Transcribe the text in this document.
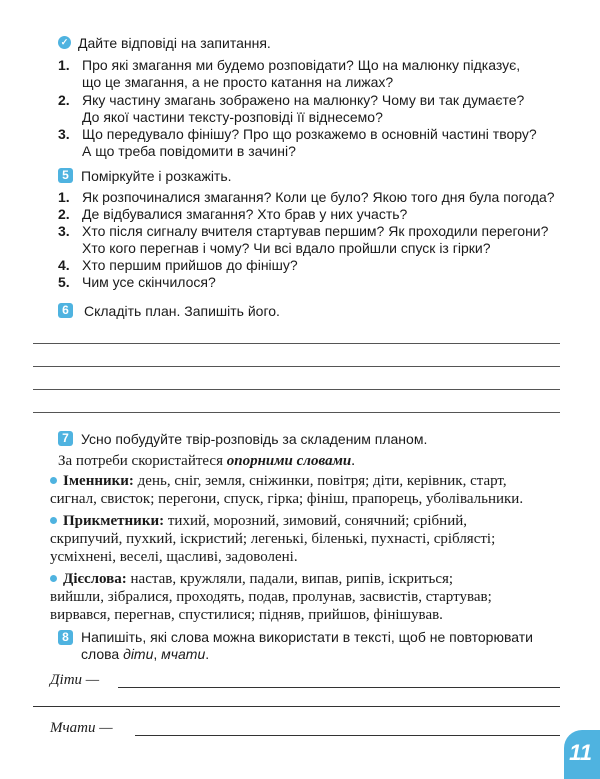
✓ Дайте відповіді на запитання.
1. Про які змагання ми будемо розповідати? Що на малюнку підказує,
що це змагання, а не просто катання на лижах?
2. Яку частину змагань зображено на малюнку? Чому ви так думаєте?
До якої частини тексту-розповіді її віднесемо?
3. Що передувало фінішу? Про що розкажемо в основній частині твору?
А що треба повідомити в зачині?
5 Поміркуйте і розкажіть.
1. Як розпочиналися змагання? Коли це було? Якою того дня була погода?
2. Де відбувалися змагання? Хто брав у них участь?
3. Хто після сигналу вчителя стартував першим? Як проходили перегони?
Хто кого перегнав і чому? Чи всі вдало пройшли спуск із гірки?
4. Хто першим прийшов до фінішу?
5. Чим усе скінчилося?
6 Складіть план. Запишіть його.
7 Усно побудуйте твір-розповідь за складеним планом.
За потреби скористайтеся опорними словами.
Іменники: день, сніг, земля, сніжинки, повітря; діти, керівник, старт,
сигнал, свисток; перегони, спуск, гірка; фініш, прапорець, уболівальники.
Прикметники: тихий, морозний, зимовий, сонячний; срібний,
скрипучий, пухкий, іскристий; легенькі, біленькі, пухнасті, сріблясті;
усміхнені, веселі, щасливі, задоволені.
Дієслова: настав, кружляли, падали, випав, рипів, іскриться;
вийшли, зібралися, проходять, подав, пролунав, засвистів, стартував;
вирвався, перегнав, спустилися; підняв, прийшов, фінішував.
8 Напишіть, які слова можна використати в тексті, щоб не повторювати
слова діти, мчати.
Діти —
Мчати —
11
